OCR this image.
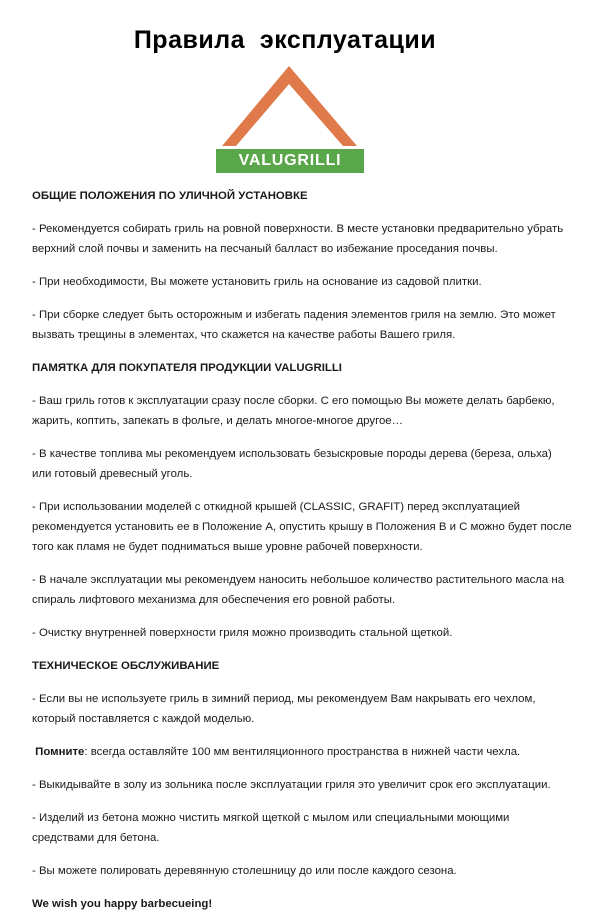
Правила  эксплуатации
VALUGRILLI
ОБЩИЕ ПОЛОЖЕНИЯ ПО УЛИЧНОЙ УСТАНОВКЕ
- Рекомендуется собирать гриль на ровной поверхности. В месте установки предварительно убрать верхний слой почвы и заменить на песчаный балласт во избежание проседания почвы.
- При необходимости, Вы можете установить гриль на основание из садовой плитки.
- При сборке следует быть осторожным и избегать падения элементов гриля на землю. Это может вызвать трещины в элементах, что скажется на качестве работы Вашего гриля.
ПАМЯТКА ДЛЯ ПОКУПАТЕЛЯ ПРОДУКЦИИ VALUGRILLI
- Ваш гриль готов к эксплуатации сразу после сборки. С его помощью Вы можете делать барбекю, жарить, коптить, запекать в фольге, и делать многое-многое другое…
- В качестве топлива мы рекомендуем использовать безыскровые породы дерева (береза, ольха) или готовый древесный уголь.
- При использовании моделей с откидной крышей (CLASSIC, GRAFIT) перед эксплуатацией рекомендуется установить ее в Положение А, опустить крышу в Положения В и С можно будет после того как пламя не будет подниматься выше уровне рабочей поверхности.
- В начале эксплуатации мы рекомендуем наносить небольшое количество растительного масла на спираль лифтового механизма для обеспечения его ровной работы.
- Очистку внутренней поверхности гриля можно производить стальной щеткой.
ТЕХНИЧЕСКОЕ ОБСЛУЖИВАНИЕ
- Если вы не используете гриль в зимний период, мы рекомендуем Вам накрывать его чехлом, который поставляется с каждой моделью.
Помните: всегда оставляйте 100 мм вентиляционного пространства в нижней части чехла.
- Выкидывайте в золу из зольника после эксплуатации гриля это увеличит срок его эксплуатации.
- Изделий из бетона можно чистить мягкой щеткой с мылом или специальными моющими средствами для бетона.
- Вы можете полировать деревянную столешницу до или после каждого сезона.
We wish you happy barbecueing!
